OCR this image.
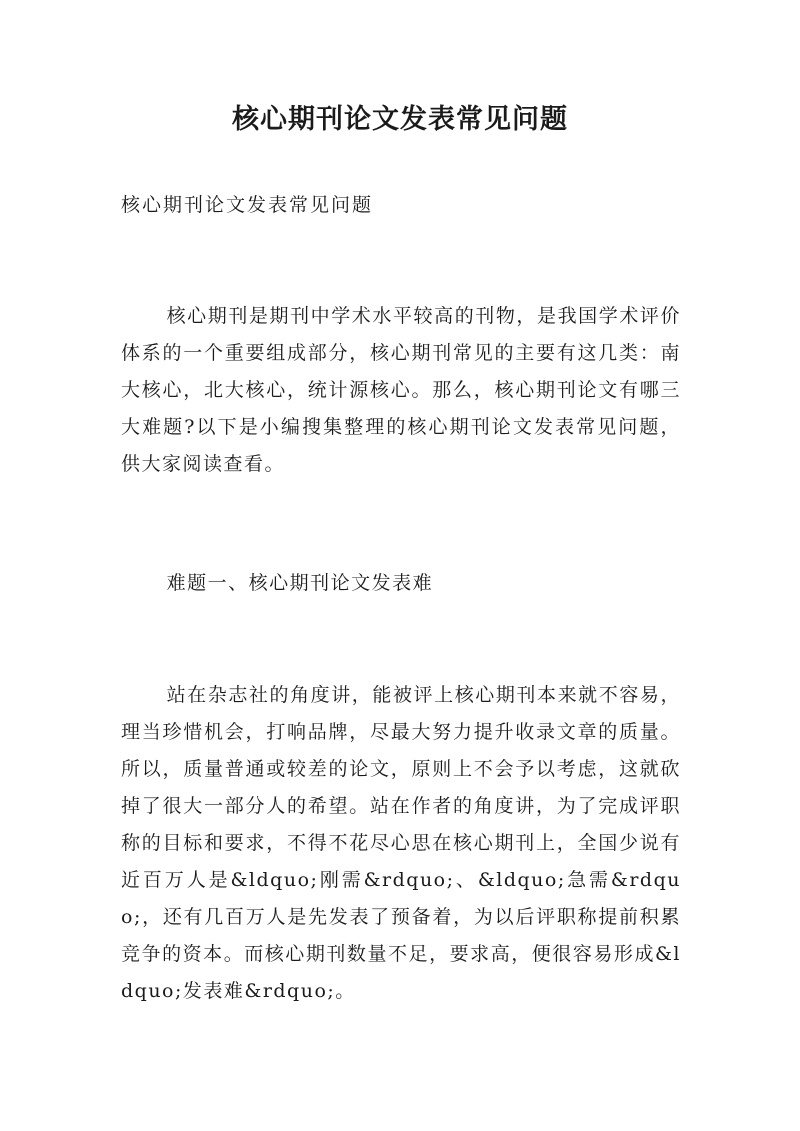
核心期刊论文发表常见问题

核心期刊论文发表常见问题

核心期刊是期刊中学术水平较高的刊物，是我国学术评价体系的一个重要组成部分，核心期刊常见的主要有这几类：南大核心，北大核心，统计源核心。那么，核心期刊论文有哪三大难题?以下是小编搜集整理的核心期刊论文发表常见问题，供大家阅读查看。

难题一、核心期刊论文发表难

站在杂志社的角度讲，能被评上核心期刊本来就不容易，理当珍惜机会，打响品牌，尽最大努力提升收录文章的质量。所以，质量普通或较差的论文，原则上不会予以考虑，这就砍掉了很大一部分人的希望。站在作者的角度讲，为了完成评职称的目标和要求，不得不花尽心思在核心期刊上，全国少说有近百万人是&ldquo;刚需&rdquo;、&ldquo;急需&rdquo;，还有几百万人是先发表了预备着，为以后评职称提前积累竞争的资本。而核心期刊数量不足，要求高，便很容易形成&ldquo;发表难&rdquo;。
